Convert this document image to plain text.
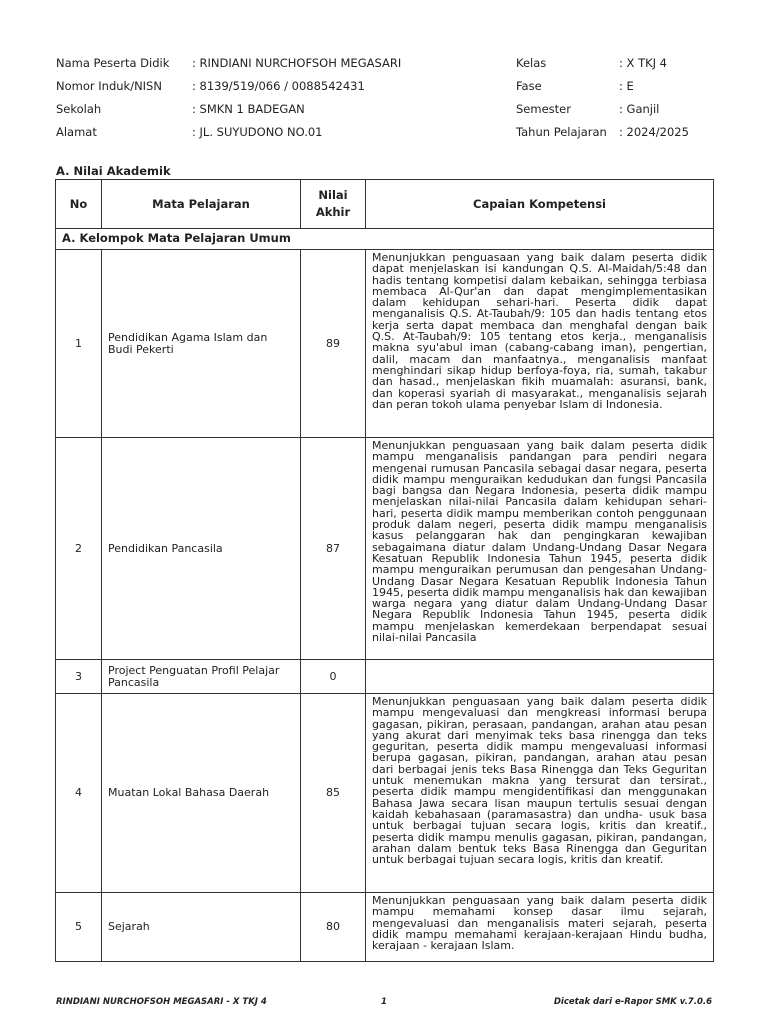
Nama Peserta Didik : RINDIANI NURCHOFSOH MEGASARI
Nomor Induk/NISN	: 8139/519/066 / 0088542431
Sekolah	: SMKN 1 BADEGAN
Alamat	: JL. SUYUDONO NO.01
Kelas	: X TKJ 4
Fase	: E
Semester	: Ganjil
Tahun Pelajaran : 2024/2025
A. Nilai Akademik
No	Mata Pelajaran	Nilai Akhir	Capaian Kompetensi
A. Kelompok Mata Pelajaran Umum			
1	Pendidikan Agama Islam dan Budi Pekerti	89	Menunjukkan penguasaan yang baik dalam peserta didik dapat menjelaskan isi kandungan Q.S. Al-Maidah/5:48 dan hadis tentang kompetisi dalam kebaikan, sehingga terbiasa membaca Al-Qur'an dan dapat mengimplementasikan dalam kehidupan sehari-hari. Peserta didik dapat menganalisis Q.S. At-Taubah/9: 105 dan hadis tentang etos kerja serta dapat membaca dan menghafal dengan baik Q.S. At-Taubah/9: 105 tentang etos kerja., menganalisis makna syu'abul iman (cabang-cabang iman), pengertian, dalil, macam dan manfaatnya., menganalisis manfaat menghindari sikap hidup berfoya-foya, ria, sumah, takabur dan hasad., menjelaskan fikih muamalah: asuransi, bank, dan koperasi syariah di masyarakat., menganalisis sejarah dan peran tokoh ulama penyebar Islam di Indonesia.
2	Pendidikan Pancasila	87	Menunjukkan penguasaan yang baik dalam peserta didik mampu menganalisis pandangan para pendiri negara mengenai rumusan Pancasila sebagai dasar negara, peserta didik mampu menguraikan kedudukan dan fungsi Pancasila bagi bangsa dan Negara Indonesia, peserta didik mampu menjelaskan nilai-nilai Pancasila dalam kehidupan sehari-hari, peserta didik mampu memberikan contoh penggunaan produk dalam negeri, peserta didik mampu menganalisis kasus pelanggaran hak dan pengingkaran kewajiban sebagaimana diatur dalam Undang-Undang Dasar Negara Kesatuan Republik Indonesia Tahun 1945, peserta didik mampu menguraikan perumusan dan pengesahan Undang-Undang Dasar Negara Kesatuan Republik Indonesia Tahun 1945, peserta didik mampu menganalisis hak dan kewajiban warga negara yang diatur dalam Undang-Undang Dasar Negara Republik Indonesia Tahun 1945, peserta didik mampu menjelaskan kemerdekaan berpendapat sesuai nilai-nilai Pancasila
3	Project Penguatan Profil Pelajar Pancasila	0	
4	Muatan Lokal Bahasa Daerah	85	Menunjukkan penguasaan yang baik dalam peserta didik mampu mengevaluasi dan mengkreasi informasi berupa gagasan, pikiran, perasaan, pandangan, arahan atau pesan yang akurat dari menyimak teks basa rinengga dan teks geguritan, peserta didik mampu mengevaluasi informasi berupa gagasan, pikiran, pandangan, arahan atau pesan dari berbagai jenis teks Basa Rinengga dan Teks Geguritan untuk menemukan makna yang tersurat dan tersirat., peserta didik mampu mengidentifikasi dan menggunakan Bahasa Jawa secara lisan maupun tertulis sesuai dengan kaidah kebahasaan (paramasastra) dan undha- usuk basa untuk berbagai tujuan secara logis, kritis dan kreatif., peserta didik mampu menulis gagasan, pikiran, pandangan, arahan dalam bentuk teks Basa Rinengga dan Geguritan untuk berbagai tujuan secara logis, kritis dan kreatif.
5	Sejarah	80	Menunjukkan penguasaan yang baik dalam peserta didik mampu memahami konsep dasar ilmu sejarah, mengevaluasi dan menganalisis materi sejarah, peserta didik mampu memahami kerajaan-kerajaan Hindu budha, kerajaan - kerajaan Islam.
RINDIANI NURCHOFSOH MEGASARI - X TKJ 4	1	Dicetak dari e-Rapor SMK v.7.0.6
